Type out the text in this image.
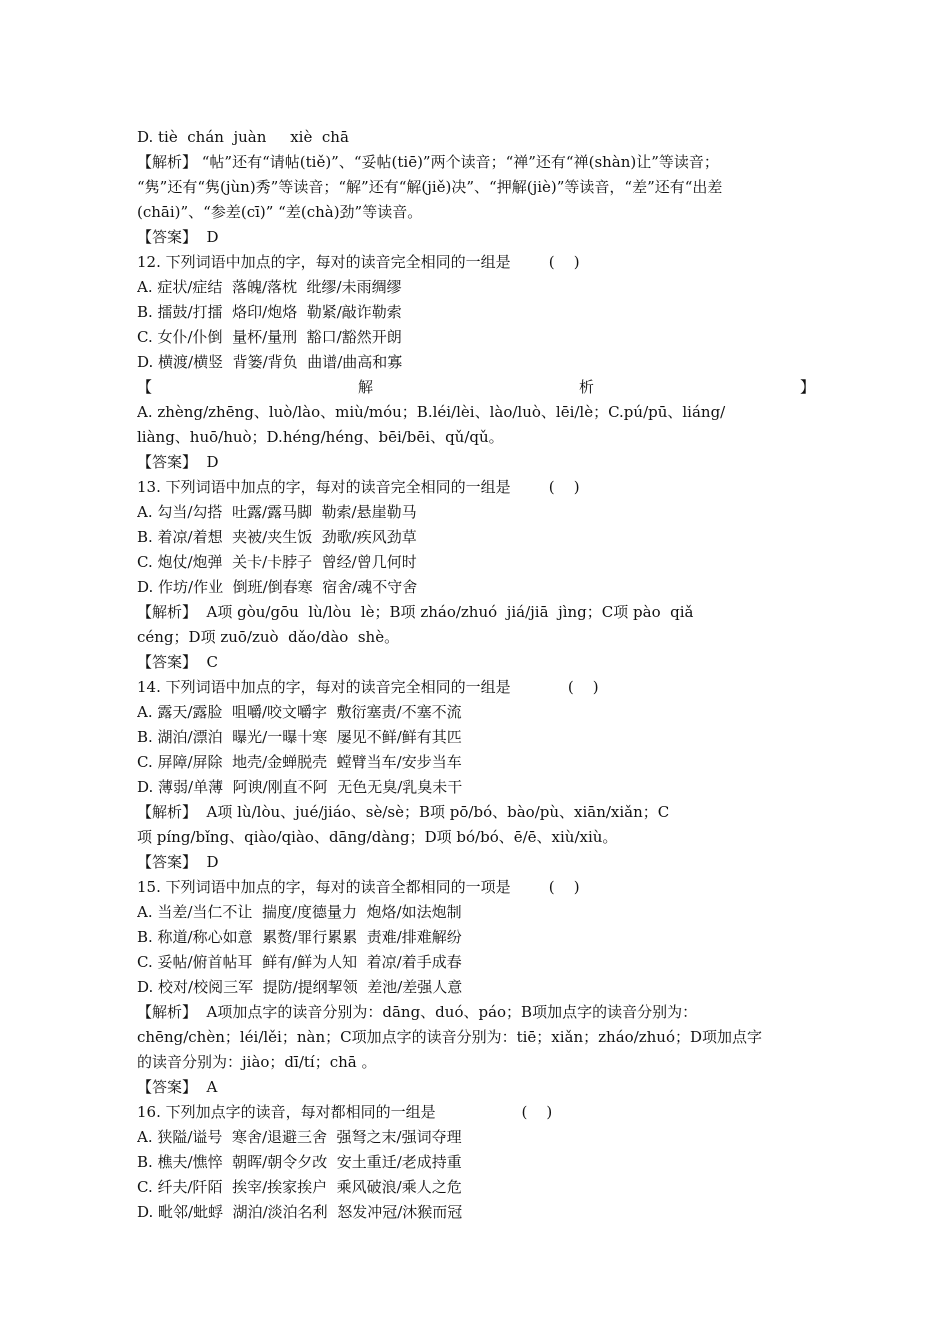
D. tiè  chán  juàn     xiè  chā
【解析】 “帖”还有“请帖(tiě)”、“妥帖(tiē)”两个读音；“禅”还有“禅(shàn)让”等读音；
“隽”还有“隽(jùn)秀”等读音；“解”还有“解(jiě)决”、“押解(jiè)”等读音，“差”还有“出差
(chāi)”、“参差(cī)” “差(chà)劲”等读音。
【答案】  D
12. 下列词语中加点的字，每对的读音完全相同的一组是        (    )
A. 症状/症结  落魄/落枕  纰缪/未雨绸缪
B. 擂鼓/打擂  烙印/炮烙  勒紧/敲诈勒索
C. 女仆/仆倒  量杯/量刑  豁口/豁然开朗
D. 横渡/横竖  背篓/背负  曲谱/曲高和寡
【	解	析	】
A. zhèng/zhēng、luò/lào、miù/móu；B.léi/lèi、lào/luò、lēi/lè；C.pú/pū、liáng/
liàng、huō/huò；D.héng/héng、bēi/bēi、qǔ/qǔ。
【答案】  D
13. 下列词语中加点的字，每对的读音完全相同的一组是        (    )
A. 勾当/勾搭  吐露/露马脚  勒索/悬崖勒马
B. 着凉/着想  夹被/夹生饭  劲歌/疾风劲草
C. 炮仗/炮弹  关卡/卡脖子  曾经/曾几何时
D. 作坊/作业  倒班/倒春寒  宿舍/魂不守舍
【解析】  A项 gòu/gōu  lù/lòu  lè；B项 zháo/zhuó  jiá/jiā  jìng；C项 pào  qiǎ
céng；D项 zuō/zuò  dǎo/dào  shè。
【答案】  C
14. 下列词语中加点的字，每对的读音完全相同的一组是            (    )
A. 露天/露脸  咀嚼/咬文嚼字  敷衍塞责/不塞不流
B. 湖泊/漂泊  曝光/一曝十寒  屡见不鲜/鲜有其匹
C. 屏障/屏除  地壳/金蝉脱壳  螳臂当车/安步当车
D. 薄弱/单薄  阿谀/刚直不阿  无色无臭/乳臭未干
【解析】  A项 lù/lòu、jué/jiáo、sè/sè；B项 pō/bó、bào/pù、xiān/xiǎn；C
项 píng/bǐng、qiào/qiào、dāng/dàng；D项 bó/bó、ē/ē、xiù/xiù。
【答案】  D
15. 下列词语中加点的字，每对的读音全都相同的一项是        (    )
A. 当差/当仁不让  揣度/度德量力  炮烙/如法炮制
B. 称道/称心如意  累赘/罪行累累  责难/排难解纷
C. 妥帖/俯首帖耳  鲜有/鲜为人知  着凉/着手成春
D. 校对/校阅三军  提防/提纲挈领  差池/差强人意
【解析】  A项加点字的读音分别为：dāng、duó、páo；B项加点字的读音分别为：
chēng/chèn；léi/lěi；nàn；C项加点字的读音分别为：tiē；xiǎn；zháo/zhuó；D项加点字
的读音分别为：jiào；dī/tí；chā 。
【答案】  A
16. 下列加点字的读音，每对都相同的一组是                  (    )
A. 狭隘/谥号  寒舍/退避三舍  强弩之末/强词夺理
B. 樵夫/憔悴  朝晖/朝令夕改  安土重迁/老成持重
C. 纤夫/阡陌  挨宰/挨家挨户  乘风破浪/乘人之危
D. 毗邻/蚍蜉  湖泊/淡泊名利  怒发冲冠/沐猴而冠
